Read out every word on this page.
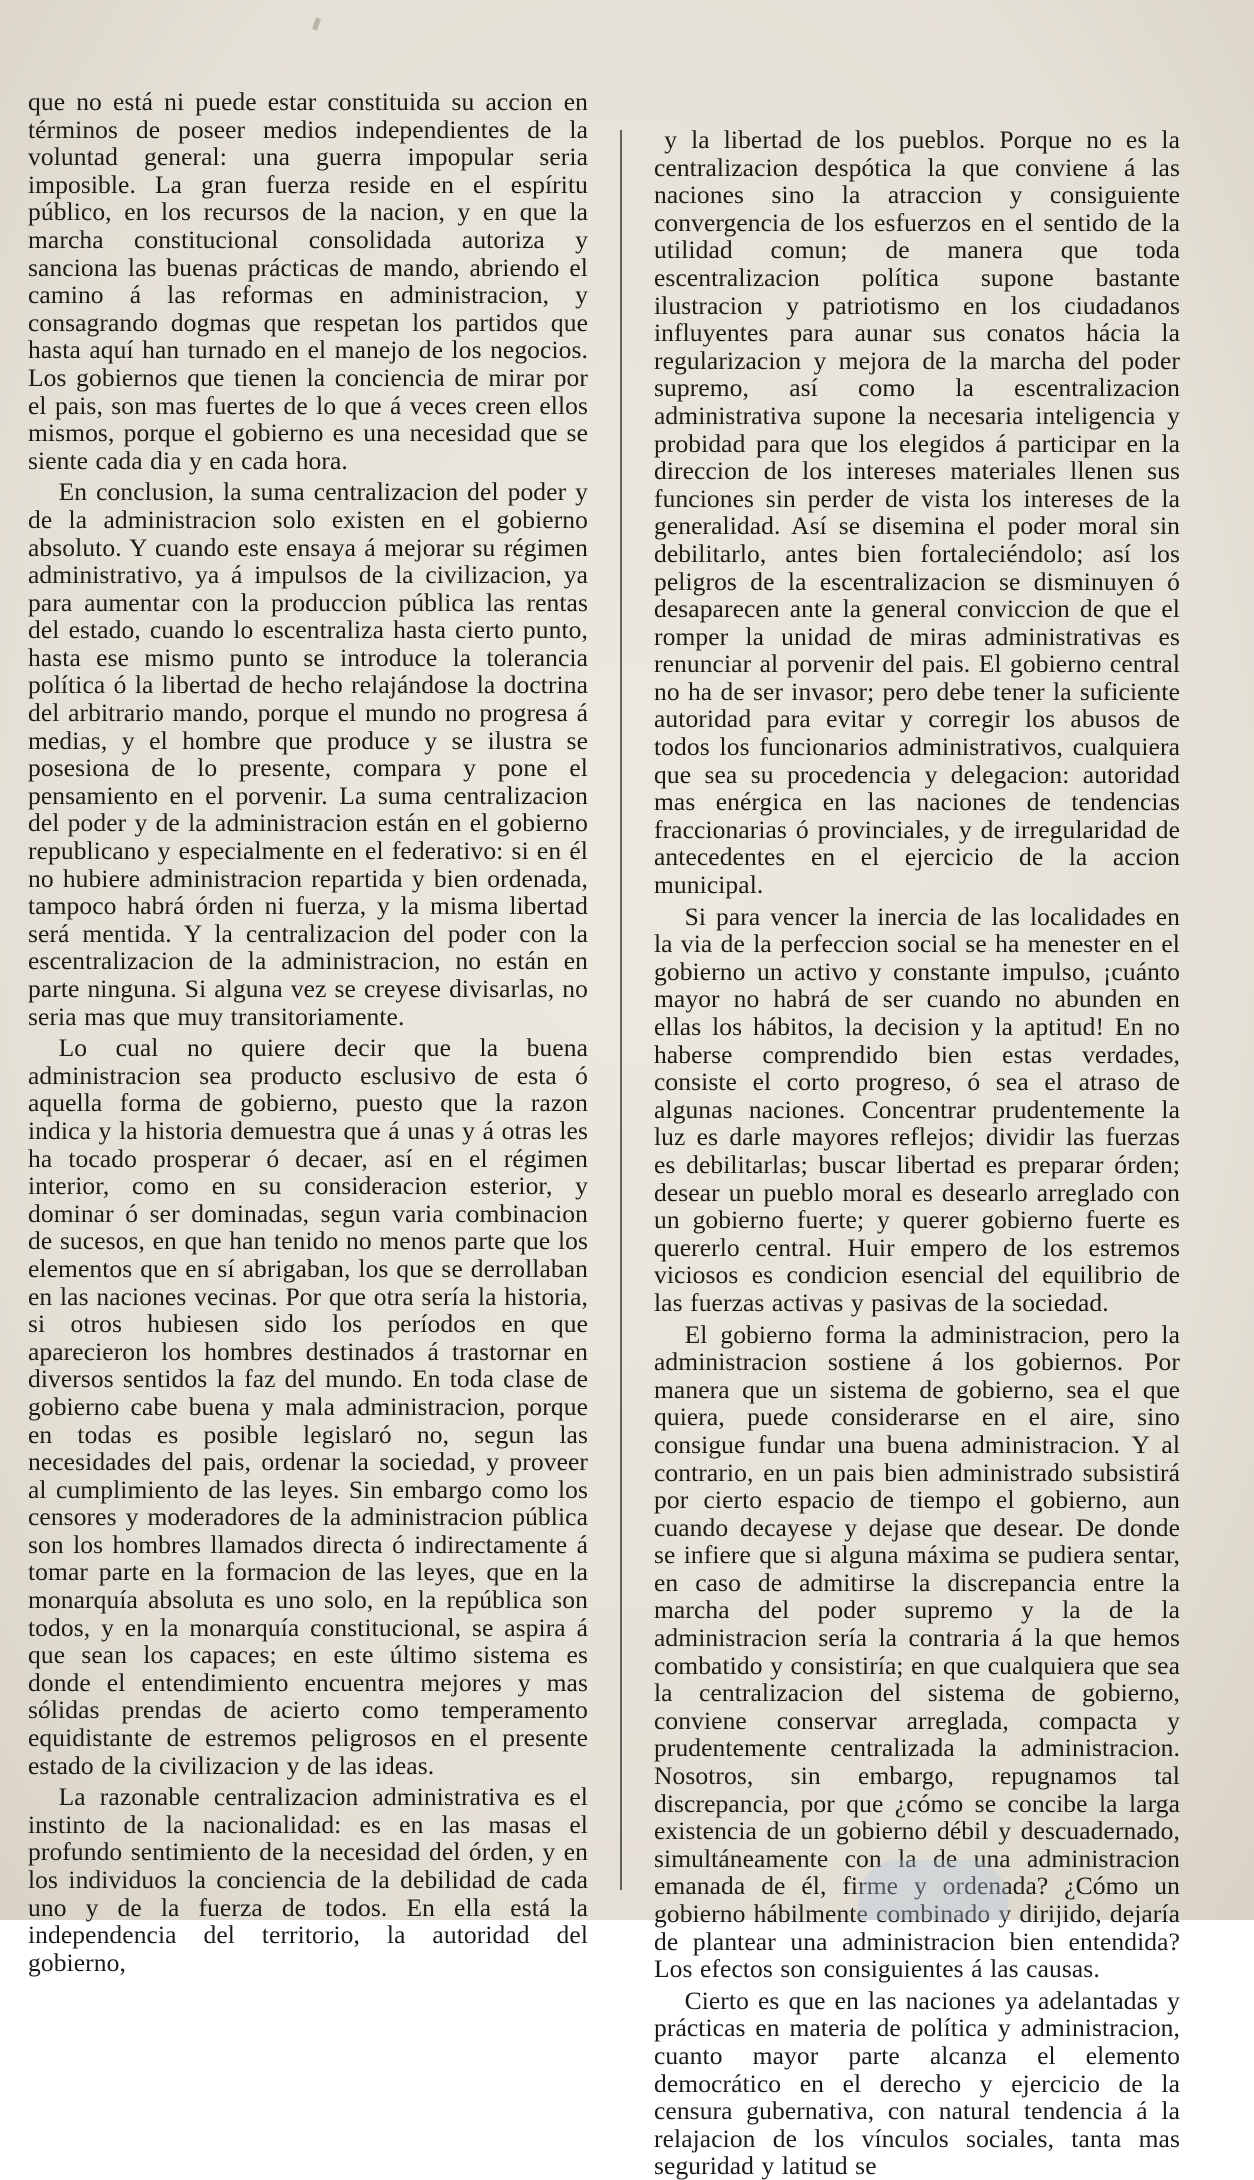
que no está ni puede estar constituida su accion en términos de poseer medios independientes de la voluntad general: una guerra impopular seria imposible. La gran fuerza reside en el espíritu público, en los recursos de la nacion, y en que la marcha constitucional consolidada autoriza y sanciona las buenas prácticas de mando, abriendo el camino á las reformas en administracion, y consagrando dogmas que respetan los partidos que hasta aquí han turnado en el manejo de los negocios. Los gobiernos que tienen la conciencia de mirar por el pais, son mas fuertes de lo que á veces creen ellos mismos, porque el gobierno es una necesidad que se siente cada dia y en cada hora.

En conclusion, la suma centralizacion del poder y de la administracion solo existen en el gobierno absoluto. Y cuando este ensaya á mejorar su régimen administrativo, ya á impulsos de la civilizacion, ya para aumentar con la produccion pública las rentas del estado, cuando lo escentraliza hasta cierto punto, hasta ese mismo punto se introduce la tolerancia política ó la libertad de hecho relajándose la doctrina del arbitrario mando, porque el mundo no progresa á medias, y el hombre que produce y se ilustra se posesiona de lo presente, compara y pone el pensamiento en el porvenir. La suma centralizacion del poder y de la administracion están en el gobierno republicano y especialmente en el federativo: si en él no hubiere administracion repartida y bien ordenada, tampoco habrá órden ni fuerza, y la misma libertad será mentida. Y la centralizacion del poder con la escentralizacion de la administracion, no están en parte ninguna. Si alguna vez se creyese divisarlas, no seria mas que muy transitoriamente.

Lo cual no quiere decir que la buena administracion sea producto esclusivo de esta ó aquella forma de gobierno, puesto que la razon indica y la historia demuestra que á unas y á otras les ha tocado prosperar ó decaer, así en el régimen interior, como en su consideracion esterior, y dominar ó ser dominadas, segun varia combinacion de sucesos, en que han tenido no menos parte que los elementos que en sí abrigaban, los que se derrollaban en las naciones vecinas. Por que otra sería la historia, si otros hubiesen sido los períodos en que aparecieron los hombres destinados á trastornar en diversos sentidos la faz del mundo. En toda clase de gobierno cabe buena y mala administracion, porque en todas es posible legislaró no, segun las necesidades del pais, ordenar la sociedad, y proveer al cumplimiento de las leyes. Sin embargo como los censores y moderadores de la administracion pública son los hombres llamados directa ó indirectamente á tomar parte en la formacion de las leyes, que en la monarquía absoluta es uno solo, en la república son todos, y en la monarquía constitucional, se aspira á que sean los capaces; en este último sistema es donde el entendimiento encuentra mejores y mas sólidas prendas de acierto como temperamento equidistante de estremos peligrosos en el presente estado de la civilizacion y de las ideas.

La razonable centralizacion administrativa es el instinto de la nacionalidad: es en las masas el profundo sentimiento de la necesidad del órden, y en los individuos la conciencia de la debilidad de cada uno y de la fuerza de todos. En ella está la independencia del territorio, la autoridad del gobierno,

y la libertad de los pueblos. Porque no es la centralizacion despótica la que conviene á las naciones sino la atraccion y consiguiente convergencia de los esfuerzos en el sentido de la utilidad comun; de manera que toda escentralizacion política supone bastante ilustracion y patriotismo en los ciudadanos influyentes para aunar sus conatos hácia la regularizacion y mejora de la marcha del poder supremo, así como la escentralizacion administrativa supone la necesaria inteligencia y probidad para que los elegidos á participar en la direccion de los intereses materiales llenen sus funciones sin perder de vista los intereses de la generalidad. Así se disemina el poder moral sin debilitarlo, antes bien fortaleciéndolo; así los peligros de la escentralizacion se disminuyen ó desaparecen ante la general conviccion de que el romper la unidad de miras administrativas es renunciar al porvenir del pais. El gobierno central no ha de ser invasor; pero debe tener la suficiente autoridad para evitar y corregir los abusos de todos los funcionarios administrativos, cualquiera que sea su procedencia y delegacion: autoridad mas enérgica en las naciones de tendencias fraccionarias ó provinciales, y de irregularidad de antecedentes en el ejercicio de la accion municipal.

Si para vencer la inercia de las localidades en la via de la perfeccion social se ha menester en el gobierno un activo y constante impulso, ¡cuánto mayor no habrá de ser cuando no abunden en ellas los hábitos, la decision y la aptitud! En no haberse comprendido bien estas verdades, consiste el corto progreso, ó sea el atraso de algunas naciones. Concentrar prudentemente la luz es darle mayores reflejos; dividir las fuerzas es debilitarlas; buscar libertad es preparar órden; desear un pueblo moral es desearlo arreglado con un gobierno fuerte; y querer gobierno fuerte es quererlo central. Huir empero de los estremos viciosos es condicion esencial del equilibrio de las fuerzas activas y pasivas de la sociedad.

El gobierno forma la administracion, pero la administracion sostiene á los gobiernos. Por manera que un sistema de gobierno, sea el que quiera, puede considerarse en el aire, sino consigue fundar una buena administracion. Y al contrario, en un pais bien administrado subsistirá por cierto espacio de tiempo el gobierno, aun cuando decayese y dejase que desear. De donde se infiere que si alguna máxima se pudiera sentar, en caso de admitirse la discrepancia entre la marcha del poder supremo y la de la administracion sería la contraria á la que hemos combatido y consistiría; en que cualquiera que sea la centralizacion del sistema de gobierno, conviene conservar arreglada, compacta y prudentemente centralizada la administracion. Nosotros, sin embargo, repugnamos tal discrepancia, por que ¿cómo se concibe la larga existencia de un gobierno débil y descuadernado, simultáneamente con la de una administracion emanada de él, firme y ordenada? ¿Cómo un gobierno hábilmente combinado y dirijido, dejaría de plantear una administracion bien entendida? Los efectos son consiguientes á las causas.

Cierto es que en las naciones ya adelantadas y prácticas en materia de política y administracion, cuanto mayor parte alcanza el elemento democrático en el derecho y ejercicio de la censura gubernativa, con natural tendencia á la relajacion de los vínculos sociales, tanta mas seguridad y latitud se
